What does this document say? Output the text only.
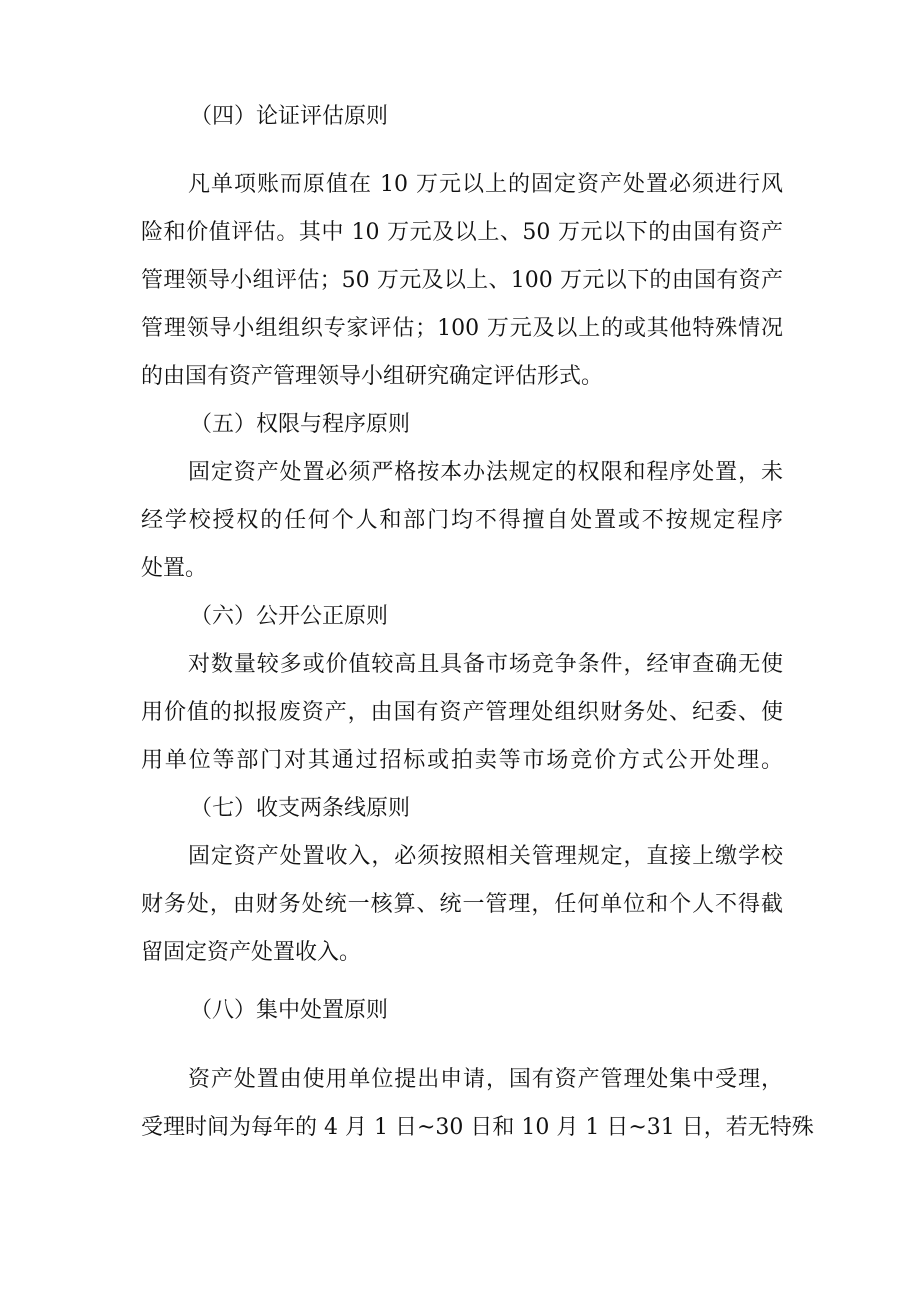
（四）论证评估原则

凡单项账而原值在 10 万元以上的固定资产处置必须进行风

险和价值评估。其中 10 万元及以上、50 万元以下的由国有资产

管理领导小组评估；50 万元及以上、100 万元以下的由国有资产

管理领导小组组织专家评估；100 万元及以上的或其他特殊情况

的由国有资产管理领导小组研究确定评估形式。

（五）权限与程序原则

固定资产处置必须严格按本办法规定的权限和程序处置，未

经学校授权的任何个人和部门均不得擅自处置或不按规定程序

处置。

（六）公开公正原则

对数量较多或价值较高且具备市场竞争条件，经审查确无使

用价值的拟报废资产，由国有资产管理处组织财务处、纪委、使

用单位等部门对其通过招标或拍卖等市场竞价方式公开处理。

（七）收支两条线原则

固定资产处置收入，必须按照相关管理规定，直接上缴学校

财务处，由财务处统一核算、统一管理，任何单位和个人不得截

留固定资产处置收入。

（八）集中处置原则

资产处置由使用单位提出申请，国有资产管理处集中受理，

受理时间为每年的 4 月 1 日~30 日和 10 月 1 日~31 日，若无特殊
